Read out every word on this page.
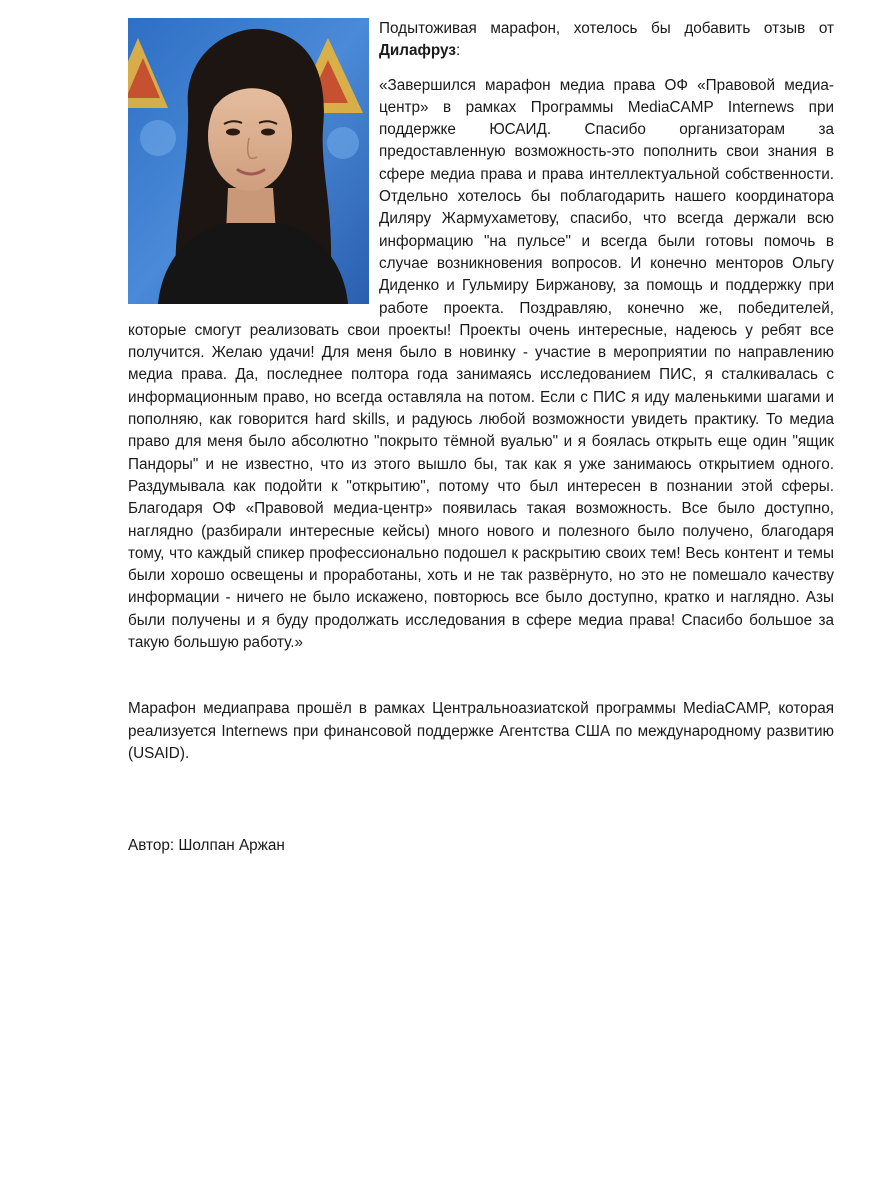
Подытоживая марафон, хотелось бы добавить отзыв от Дилафруз:

«Завершился марафон медиа права ОФ «Правовой медиа-центр» в рамках Программы MediaCAMP Internews при поддержке ЮСАИД. Спасибо организаторам за предоставленную возможность-это пополнить свои знания в сфере медиа права и права интеллектуальной собственности. Отдельно хотелось бы поблагодарить нашего координатора Диляру Жармухаметову, спасибо, что всегда держали всю информацию "на пульсе" и всегда были готовы помочь в случае возникновения вопросов. И конечно менторов Ольгу Диденко и Гульмиру Биржанову, за помощь и поддержку при работе проекта. Поздравляю, конечно же, победителей, которые смогут реализовать свои проекты! Проекты очень интересные, надеюсь у ребят все получится. Желаю удачи! Для меня было в новинку - участие в мероприятии по направлению медиа права. Да, последнее полтора года занимаясь исследованием ПИС, я сталкивалась с информационным право, но всегда оставляла на потом. Если с ПИС я иду маленькими шагами и пополняю, как говорится hard skills, и радуюсь любой возможности увидеть практику. То медиа право для меня было абсолютно "покрыто тёмной вуалью" и я боялась открыть еще один "ящик Пандоры" и не известно, что из этого вышло бы, так как я уже занимаюсь открытием одного. Раздумывала как подойти к "открытию", потому что был интересен в познании этой сферы. Благодаря ОФ «Правовой медиа-центр» появилась такая возможность. Все было доступно, наглядно (разбирали интересные кейсы) много нового и полезного было получено, благодаря тому, что каждый спикер профессионально подошел к раскрытию своих тем! Весь контент и темы были хорошо освещены и проработаны, хоть и не так развёрнуто, но это не помешало качеству информации - ничего не было искажено, повторюсь все было доступно, кратко и наглядно. Азы были получены и я буду продолжать исследования в сфере медиа права! Спасибо большое за такую большую работу.»

Марафон медиаправа прошёл в рамках Центральноазиатской программы MediaCAMP, которая реализуется Internews при финансовой поддержке Агентства США по международному развитию (USAID).

Автор: Шолпан Аржан
